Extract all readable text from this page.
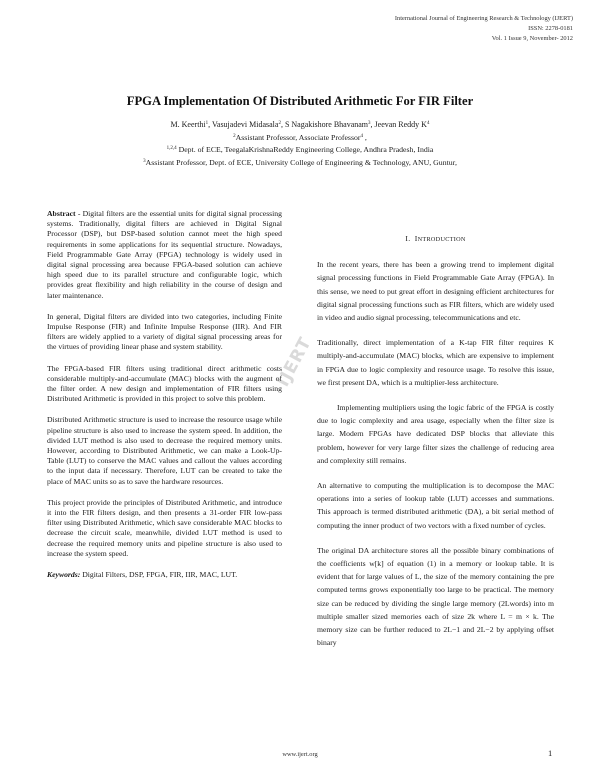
International Journal of Engineering Research & Technology (IJERT)
ISSN: 2278-0181
Vol. 1 Issue 9, November- 2012
FPGA Implementation Of Distributed Arithmetic For FIR Filter
M. Keerthi$^1$, Vasujadevi Midasala$^2$, S Nagakishore Bhavanam$^3$, Jeevan Reddy $K^4$
$^2$Assistant Professor, Associate Professor$^4$ ,
$^{1,2,4}$ Dept. of ECE, TeegalaKrishnaReddy Engineering College, Andhra Pradesh, India
$^3$Assistant Professor, Dept. of ECE, University College of Engineering & Technology, ANU, Guntur,

Abstract - Digital filters are the essential units for digital signal processing systems. Traditionally, digital filters are achieved in Digital Signal Processor (DSP), but DSP-based solution cannot meet the high speed requirements in some applications for its sequential structure. Nowadays, Field Programmable Gate Array (FPGA) technology is widely used in digital signal processing area because FPGA-based solution can achieve high speed due to its parallel structure and configurable logic, which provides great flexibility and high reliability in the course of design and later maintenance.

In general, Digital filters are divided into two categories, including Finite Impulse Response (FIR) and Infinite Impulse Response (IIR). And FIR filters are widely applied to a variety of digital signal processing areas for the virtues of providing linear phase and system stability.

The FPGA-based FIR filters using traditional direct arithmetic costs considerable multiply-and-accumulate (MAC) blocks with the augment of the filter order. A new design and implementation of FIR filters using Distributed Arithmetic is provided in this project to solve this problem.

Distributed Arithmetic structure is used to increase the resource usage while pipeline structure is also used to increase the system speed. In addition, the divided LUT method is also used to decrease the required memory units. However, according to Distributed Arithmetic, we can make a Look-Up-Table (LUT) to conserve the MAC values and callout the values according to the input data if necessary. Therefore, LUT can be created to take the place of MAC units so as to save the hardware resources.

This project provide the principles of Distributed Arithmetic, and introduce it into the FIR filters design, and then presents a 31-order FIR low-pass filter using Distributed Arithmetic, which save considerable MAC blocks to decrease the circuit scale, meanwhile, divided LUT method is used to decrease the required memory units and pipeline structure is also used to increase the system speed.

Keywords: Digital Filters, DSP, FPGA, FIR, IIR, MAC, LUT.

IJERT
I. INTRODUCTION

In the recent years, there has been a growing trend to implement digital signal processing functions in Field Programmable Gate Array (FPGA). In this sense, we need to put great effort in designing efficient architectures for digital signal processing functions such as FIR filters, which are widely used in video and audio signal processing, telecommunications and etc.

Traditionally, direct implementation of a K-tap FIR filter requires K multiply-and-accumulate (MAC) blocks, which are expensive to implement in FPGA due to logic complexity and resource usage. To resolve this issue, we first present DA, which is a multiplier-less architecture.

Implementing multipliers using the logic fabric of the FPGA is costly due to logic complexity and area usage, especially when the filter size is large. Modern FPGAs have dedicated DSP blocks that alleviate this problem, however for very large filter sizes the challenge of reducing area and complexity still remains.

An alternative to computing the multiplication is to decompose the MAC operations into a series of lookup table (LUT) accesses and summations. This approach is termed distributed arithmetic (DA), a bit serial method of computing the inner product of two vectors with a fixed number of cycles.

The original DA architecture stores all the possible binary combinations of the coefficients w[k] of equation (1) in a memory or lookup table. It is evident that for large values of L, the size of the memory containing the pre computed terms grows exponentially too large to be practical. The memory size can be reduced by dividing the single large memory (2Lwords) into m multiple smaller sized memories each of size 2k where L = m × k. The memory size can be further reduced to 2L−1 and 2L−2 by applying offset binary

www.ijert.org	1
